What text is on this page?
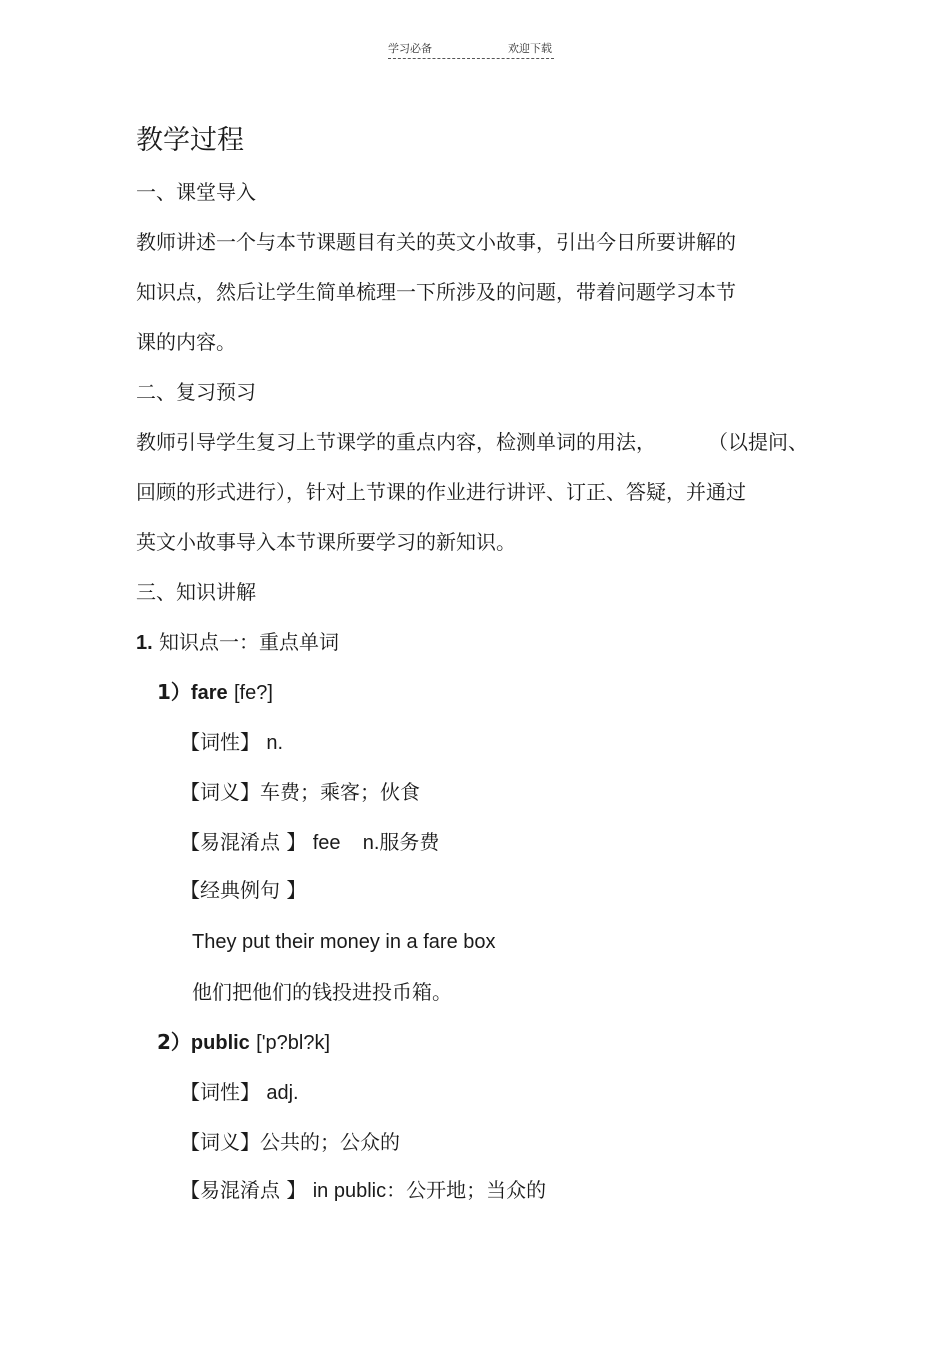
学习必备	欢迎下载
教学过程
一、课堂导入
教师讲述一个与本节课题目有关的英文小故事，引出今日所要讲解的
知识点，然后让学生简单梳理一下所涉及的问题，带着问题学习本节
课的内容。
二、复习预习
教师引导学生复习上节课学的重点内容，检测单词的用法，	（以提问、
回顾的形式进行），针对上节课的作业进行讲评、订正、答疑，并通过
英文小故事导入本节课所要学习的新知识。
三、知识讲解
1. 知识点一：重点单词
1）fare [fe?]
【词性】 n.
【词义】车费；乘客；伙食
【易混淆点 】 fee    n.服务费
【经典例句 】
They put their money in a fare box
他们把他们的钱投进投币箱。
2）public ['p?bl?k]
【词性】 adj.
【词义】公共的；公众的
【易混淆点 】 in public：公开地；当众的
